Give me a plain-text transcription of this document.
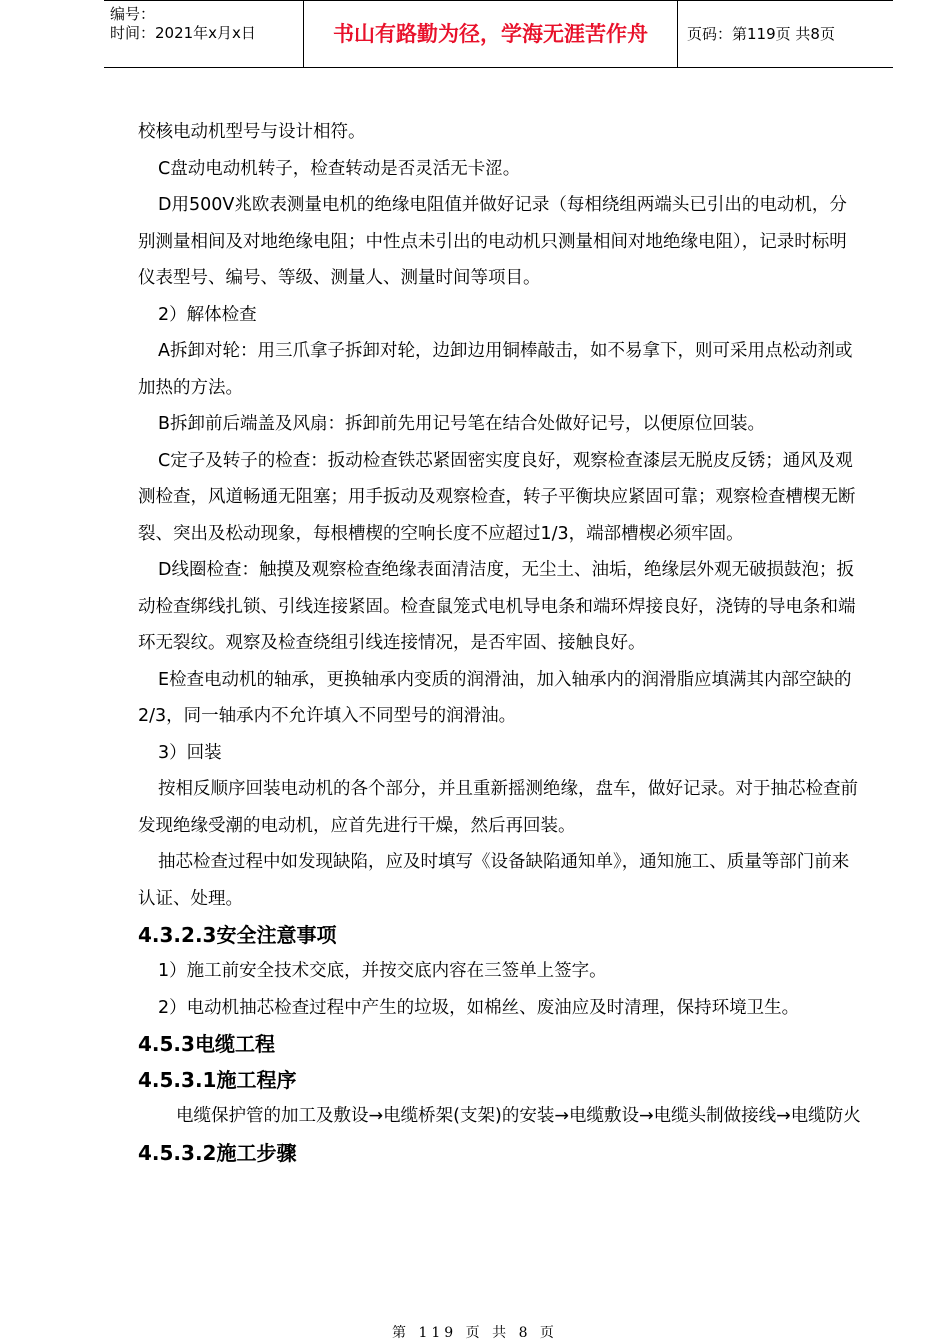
编号：
时间：2021年x月x日	书山有路勤为径，学海无涯苦作舟	页码：第119页 共8页

校核电动机型号与设计相符。

C盘动电动机转子，检查转动是否灵活无卡涩。

D用500V兆欧表测量电机的绝缘电阻值并做好记录（每相绕组两端头已引出的电动机，分别测量相间及对地绝缘电阻；中性点未引出的电动机只测量相间对地绝缘电阻），记录时标明仪表型号、编号、等级、测量人、测量时间等项目。

2）解体检查

A拆卸对轮：用三爪拿子拆卸对轮，边卸边用铜棒敲击，如不易拿下，则可采用点松动剂或加热的方法。

B拆卸前后端盖及风扇：拆卸前先用记号笔在结合处做好记号，以便原位回装。

C定子及转子的检查：扳动检查铁芯紧固密实度良好，观察检查漆层无脱皮反锈；通风及观测检查，风道畅通无阻塞；用手扳动及观察检查，转子平衡块应紧固可靠；观察检查槽楔无断裂、突出及松动现象，每根槽楔的空响长度不应超过1/3，端部槽楔必须牢固。

D线圈检查：触摸及观察检查绝缘表面清洁度，无尘土、油垢，绝缘层外观无破损鼓泡；扳动检查绑线扎锁、引线连接紧固。检查鼠笼式电机导电条和端环焊接良好，浇铸的导电条和端环无裂纹。观察及检查绕组引线连接情况，是否牢固、接触良好。

E检查电动机的轴承，更换轴承内变质的润滑油，加入轴承内的润滑脂应填满其内部空缺的2/3，同一轴承内不允许填入不同型号的润滑油。

3）回装

按相反顺序回装电动机的各个部分，并且重新摇测绝缘，盘车，做好记录。对于抽芯检查前发现绝缘受潮的电动机，应首先进行干燥，然后再回装。

抽芯检查过程中如发现缺陷，应及时填写《设备缺陷通知单》，通知施工、质量等部门前来认证、处理。

4.3.2.3安全注意事项

1）施工前安全技术交底，并按交底内容在三签单上签字。

2）电动机抽芯检查过程中产生的垃圾，如棉丝、废油应及时清理，保持环境卫生。

4.5.3电缆工程

4.5.3.1施工程序

电缆保护管的加工及敷设→电缆桥架(支架)的安装→电缆敷设→电缆头制做接线→电缆防火

4.5.3.2施工步骤

第 119 页 共 8 页
